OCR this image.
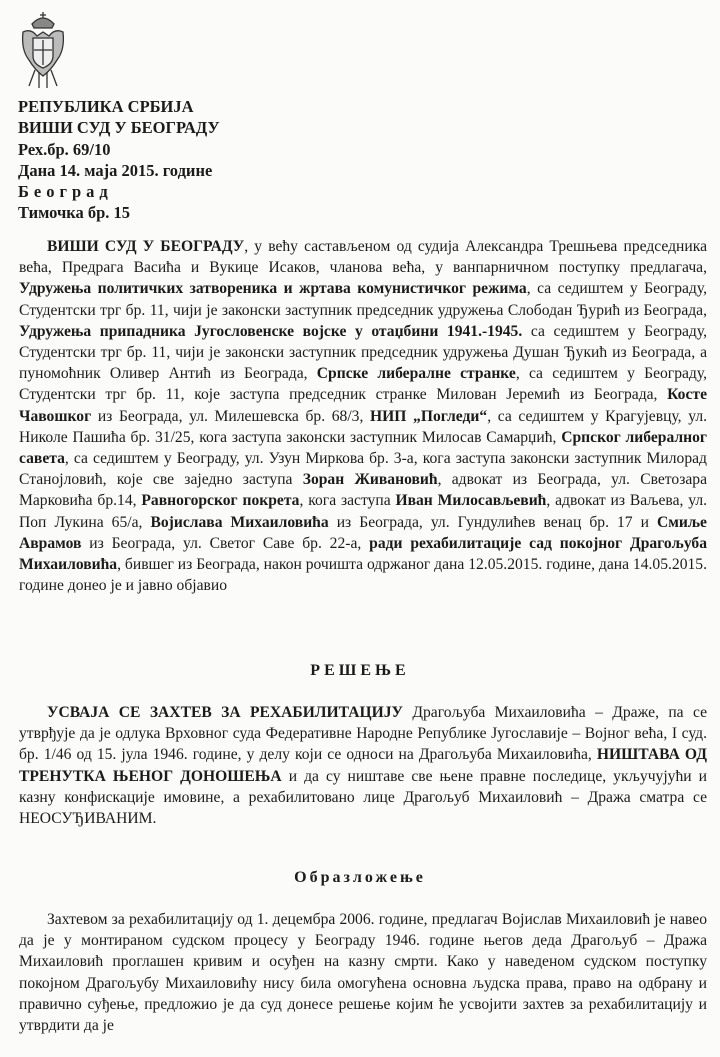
РЕПУБЛИКА СРБИЈА
ВИШИ СУД У БЕОГРАДУ
Рех.бр. 69/10
Дана 14. маја 2015. године
Београд
Тимочка бр. 15

ВИШИ СУД У БЕОГРАДУ, у већу састављеном од судија Александра Трешњева председника већа, Предрага Васића и Вукице Исаков, чланова већа, у ванпарничном поступку предлагача, Удружења политичких затвореника и жртава комунистичког режима, са седиштем у Београду, Студентски трг бр. 11, чији је законски заступник председник удружења Слободан Ђурић из Београда, Удружења припадника Југословенске војске у отаџбини 1941.-1945. са седиштем у Београду, Студентски трг бр. 11, чији је законски заступник председник удружења Душан Ђукић из Београда, а пуномоћник Оливер Антић из Београда, Српске либералне странке, са седиштем у Београду, Студентски трг бр. 11, које заступа председник странке Милован Јеремић из Београда, Косте Чавошког из Београда, ул. Милешевска бр. 68/3, НИП „Погледи“, са седиштем у Крагујевцу, ул. Николе Пашића бр. 31/25, кога заступа законски заступник Милосав Самарџић, Српског либералног савета, са седиштем у Београду, ул. Узун Миркова бр. 3-а, кога заступа законски заступник Милорад Станојловић, које све заједно заступа Зоран Живановић, адвокат из Београда, ул. Светозара Марковића бр.14, Равногорског покрета, кога заступа Иван Милосављевић, адвокат из Ваљева, ул. Поп Лукина 65/а, Војислава Михаиловића из Београда, ул. Гундулићев венац бр. 17 и Смиље Аврамов из Београда, ул. Светог Саве бр. 22-а, ради рехабилитације сад покојног Драгољуба Михаиловића, бившег из Београда, након рочишта одржаног дана 12.05.2015. године, дана 14.05.2015. године донео је и јавно објавио

РЕШЕЊЕ

УСВАЈА СЕ ЗАХТЕВ ЗА РЕХАБИЛИТАЦИЈУ Драгољуба Михаиловића – Драже, па се утврђује да је одлука Врховног суда Федеративне Народне Републике Југославије – Војног већа, I суд. бр. 1/46 од 15. јула 1946. године, у делу који се односи на Драгољуба Михаиловића, НИШТАВА ОД ТРЕНУТКА ЊЕНОГ ДОНОШЕЊА и да су ништаве све њене правне последице, укључујући и казну конфискације имовине, а рехабилитовано лице Драгољуб Михаиловић – Дража сматра се НЕОСУЂИВАНИМ.

Образложење

Захтевом за рехабилитацију од 1. децембра 2006. године, предлагач Војислав Михаиловић је навео да је у монтираном судском процесу у Београду 1946. године његов деда Драгољуб – Дража Михаиловић проглашен кривим и осуђен на казну смрти. Како у наведеном судском поступку покојном Драгољубу Михаиловићу нису била омогућена основна људска права, право на одбрану и правично суђење, предложио је да суд донесе решење којим ће усвојити захтев за рехабилитацију и утврдити да је
